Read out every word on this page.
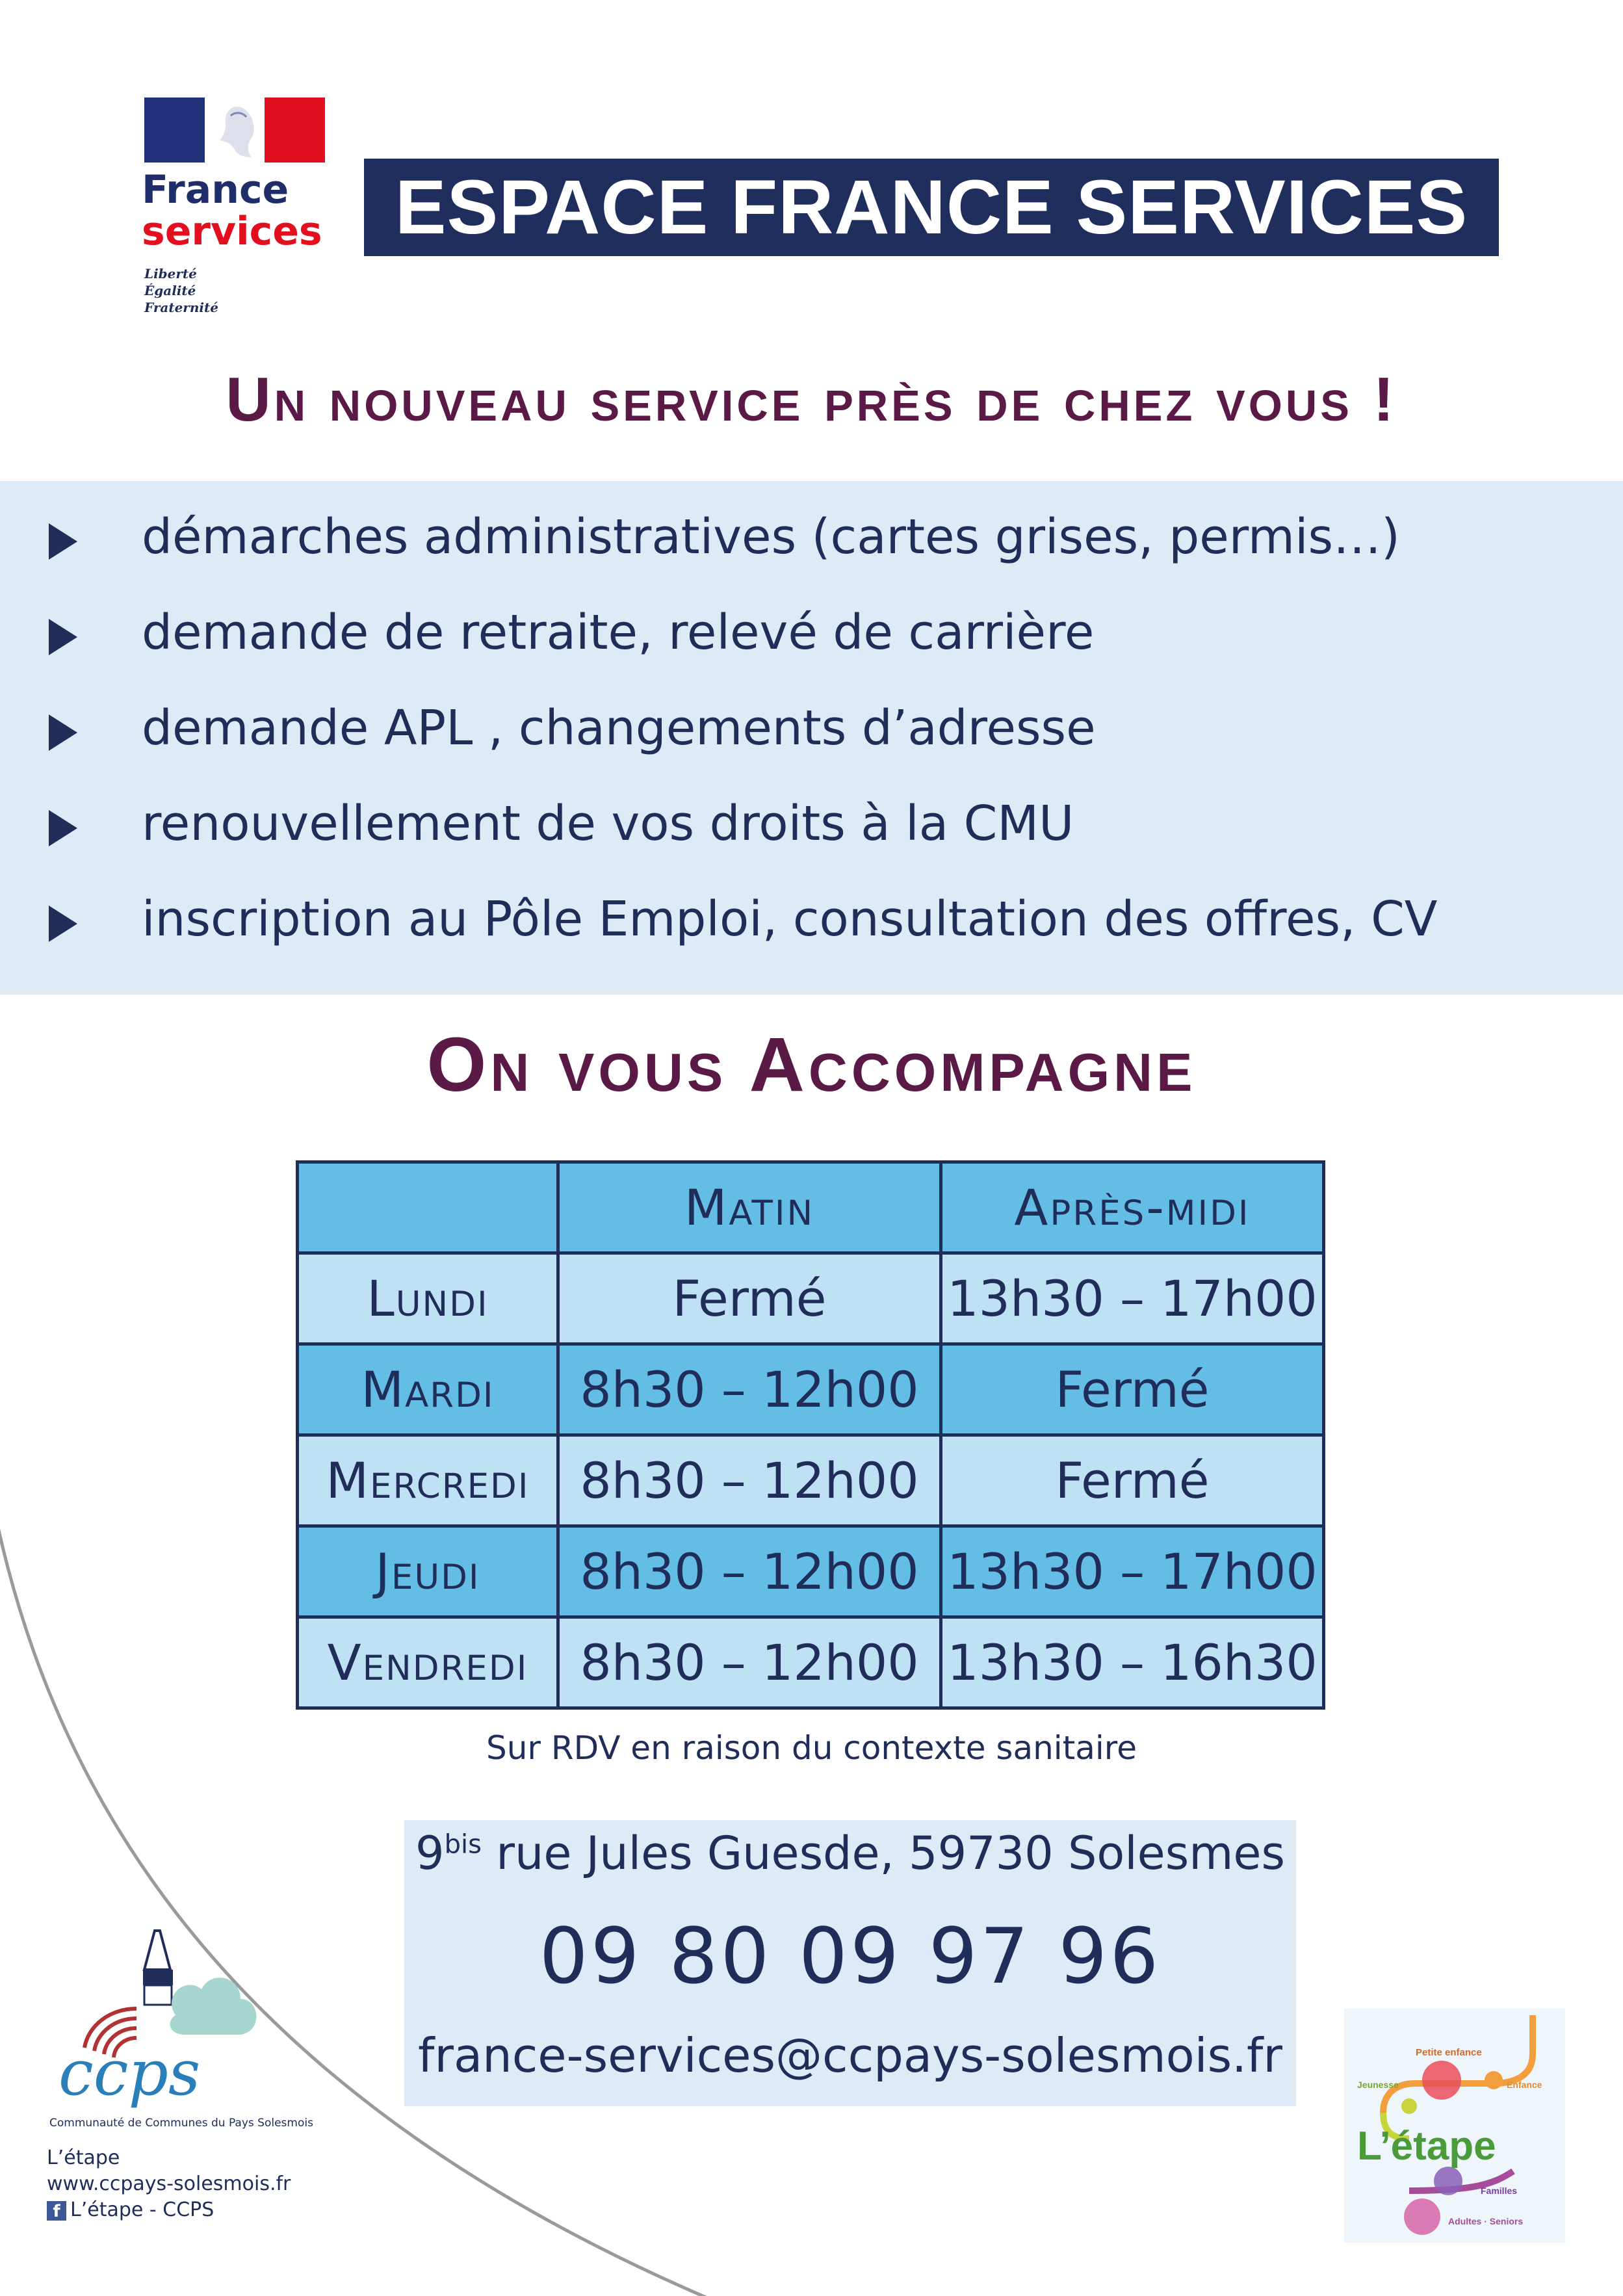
France
services
Liberté
Égalité
Fraternité
ESPACE FRANCE SERVICES
Un nouveau service près de chez vous !
démarches administratives (cartes grises, permis…)
demande de retraite, relevé de carrière
demande APL , changements d’adresse
renouvellement de vos droits à la CMU
inscription au Pôle Emploi, consultation des offres, CV
On vous Accompagne
	Matin	Après-midi
Lundi	Fermé	13h30 – 17h00
Mardi	8h30 – 12h00	Fermé
Mercredi	8h30 – 12h00	Fermé
Jeudi	8h30 – 12h00	13h30 – 17h00
Vendredi	8h30 – 12h00	13h30 – 16h30
Sur RDV en raison du contexte sanitaire
$9^{bis}$ rue Jules Guesde, 59730 Solesmes
09 80 09 97 96
france-services@ccpays-solesmois.fr
ccps
Communauté de Communes du Pays Solesmois
L’étape
www.ccpays-solesmois.fr
f L’étape - CCPS
Petite enfance
Jeunesse	Enfance
L’étape
Familles
Adultes · Seniors
